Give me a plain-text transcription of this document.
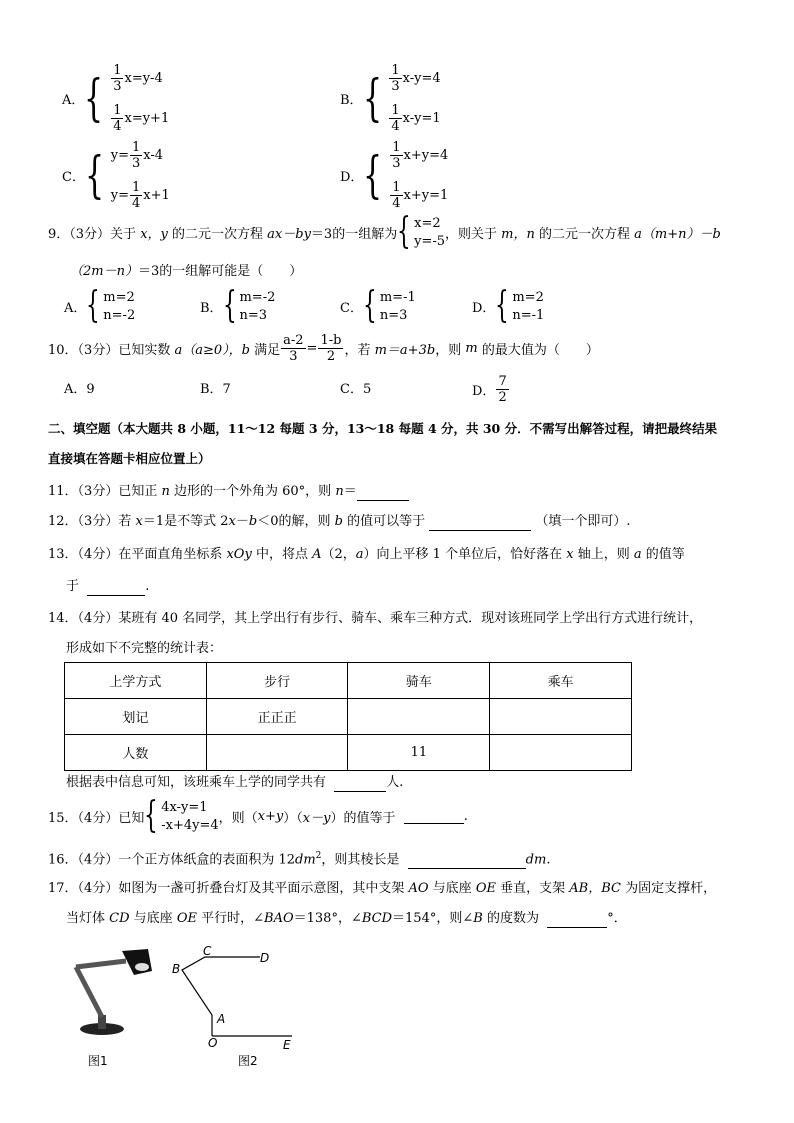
A． { $\frac{1}{3} x=y-4$
$\frac{1}{4} x=y+1$
B． { $\frac{1}{3} x-y=4$
$\frac{1}{4} x-y=1$
C． { $y= \frac{1}{3} x-4$
$y= \frac{1}{4} x+1$
D． { $\frac{1}{3} x+y=4$
$\frac{1}{4} x+y=1$
9．（3分）关于
x，y
的二元一次方程
ax－by ＝3的一组解为 { x=2
y=-5 ，则关于
m，n
的二元一次方程
a（m+n）－b
（2m－n）＝3的一组解可能是（　　）
A． { m=2
n=-2	B． { m=-2
n=3	C． { m=-1
n=3	D． { m=2
n=-1
10．（3分）已知实数
a（a≥0），b
满足 $\frac{a-2}{3} = \frac{1-b}{2}$ ，若
m＝a+3b ，则
m
的最大值为（　　）
A．9	B．7	C．5	D． $\frac{7}{2}$
二、填空题（本大题共 8 小题，11～12 每题 3 分，13～18 每题 4 分，共 30 分．不需写出解答过程，请把最终结果
直接填在答题卡相应位置上）
11．（3分）已知正 n 边形的一个外角为 60°，则 n＝
12．（3分）若 x＝1是不等式 2x－b＜0的解，则 b 的值可以等于	（填一个即可）.
13．（4分）在平面直角坐标系 xOy 中，将点 A（2，a）向上平移 1 个单位后，恰好落在 x 轴上，则 a 的值等
于	.
14．（4分）某班有 40 名同学，其上学出行有步行、骑车、乘车三种方式．现对该班同学上学出行方式进行统计，
形成如下不完整的统计表：
上学方式	步行	骑车	乘车
划记	正正正		
人数		11	
根据表中信息可知，该班乘车上学的同学共有	人.
15．（4分）已知 { 4x-y=1
-x+4y=4 ，则（ x+y ）（ x－y ）的值等于
	.
16．（4分）一个正方体纸盒的表面积为 $12dm^2$，则其棱长是	dm.
17．（4分）如图为一盏可折叠台灯及其平面示意图，其中支架 AO 与底座 OE 垂直，支架 AB，BC 为固定支撑杆，
当灯体 CD 与底座 OE 平行时，∠BAO＝138°，∠BCD＝154°，则∠B 的度数为	°．
图1
B
C	D
A
O	E
图2
